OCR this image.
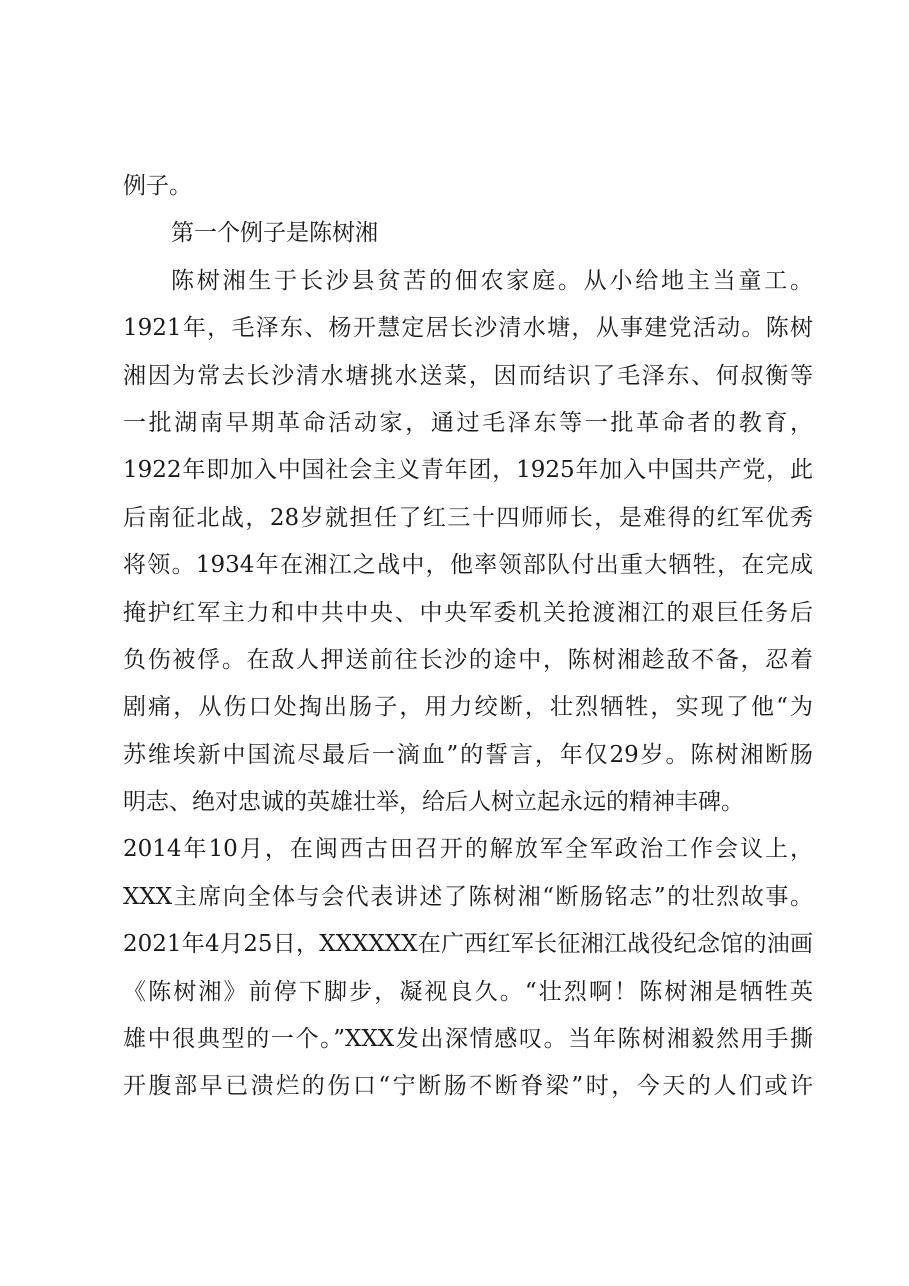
例子。
第一个例子是陈树湘
陈树湘生于长沙县贫苦的佃农家庭。从小给地主当童工。
1921年，毛泽东、杨开慧定居长沙清水塘，从事建党活动。陈树
湘因为常去长沙清水塘挑水送菜，因而结识了毛泽东、何叔衡等
一批湖南早期革命活动家，通过毛泽东等一批革命者的教育，
1922年即加入中国社会主义青年团，1925年加入中国共产党，此
后南征北战，28岁就担任了红三十四师师长，是难得的红军优秀
将领。1934年在湘江之战中，他率领部队付出重大牺牲，在完成
掩护红军主力和中共中央、中央军委机关抢渡湘江的艰巨任务后
负伤被俘。在敌人押送前往长沙的途中，陈树湘趁敌不备，忍着
剧痛，从伤口处掏出肠子，用力绞断，壮烈牺牲，实现了他“为
苏维埃新中国流尽最后一滴血”的誓言，年仅29岁。陈树湘断肠
明志、绝对忠诚的英雄壮举，给后人树立起永远的精神丰碑。
2014年10月，在闽西古田召开的解放军全军政治工作会议上，
XXX主席向全体与会代表讲述了陈树湘“断肠铭志”的壮烈故事。
2021年4月25日，XXXXXX在广西红军长征湘江战役纪念馆的油画
《陈树湘》前停下脚步，凝视良久。“壮烈啊！陈树湘是牺牲英
雄中很典型的一个。”XXX发出深情感叹。当年陈树湘毅然用手撕
开腹部早已溃烂的伤口“宁断肠不断脊梁”时，今天的人们或许
